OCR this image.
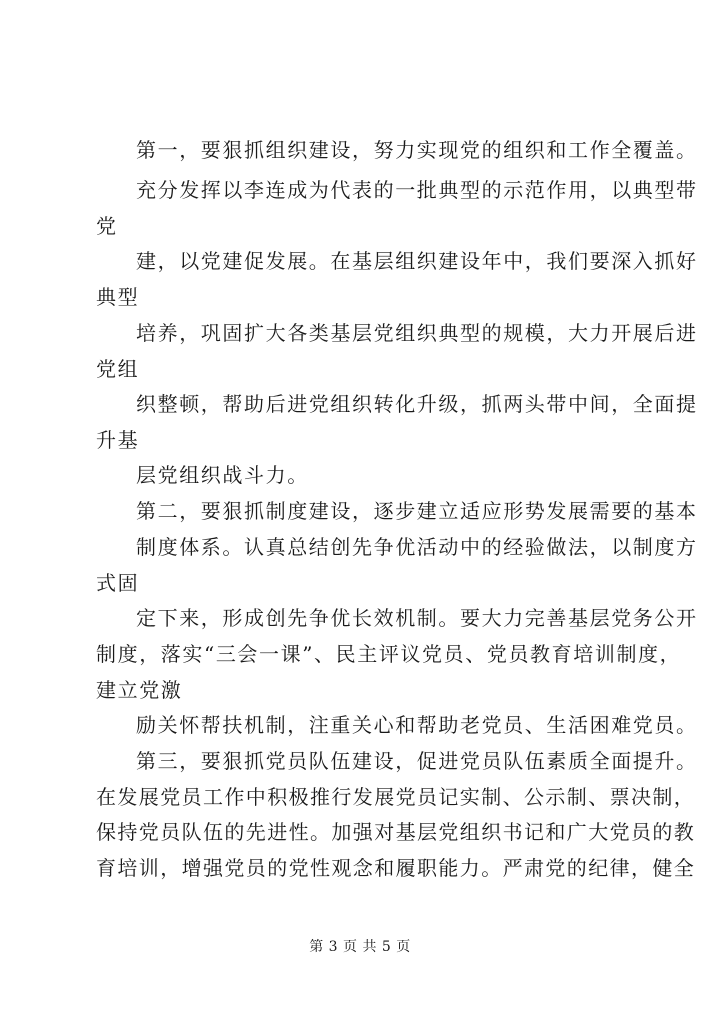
第一，要狠抓组织建设，努力实现党的组织和工作全覆盖。
充分发挥以李连成为代表的一批典型的示范作用，以典型带
党
建，以党建促发展。在基层组织建设年中，我们要深入抓好
典型
培养，巩固扩大各类基层党组织典型的规模，大力开展后进
党组
织整顿，帮助后进党组织转化升级，抓两头带中间，全面提
升基
层党组织战斗力。
第二，要狠抓制度建设，逐步建立适应形势发展需要的基本
制度体系。认真总结创先争优活动中的经验做法，以制度方
式固
定下来，形成创先争优长效机制。要大力完善基层党务公开
制度，落实“三会一课”、民主评议党员、党员教育培训制度，
建立党激
励关怀帮扶机制，注重关心和帮助老党员、生活困难党员。
第三，要狠抓党员队伍建设，促进党员队伍素质全面提升。
在发展党员工作中积极推行发展党员记实制、公示制、票决制，
保持党员队伍的先进性。加强对基层党组织书记和广大党员的教
育培训，增强党员的党性观念和履职能力。严肃党的纪律，健全
第 3 页 共 5 页
